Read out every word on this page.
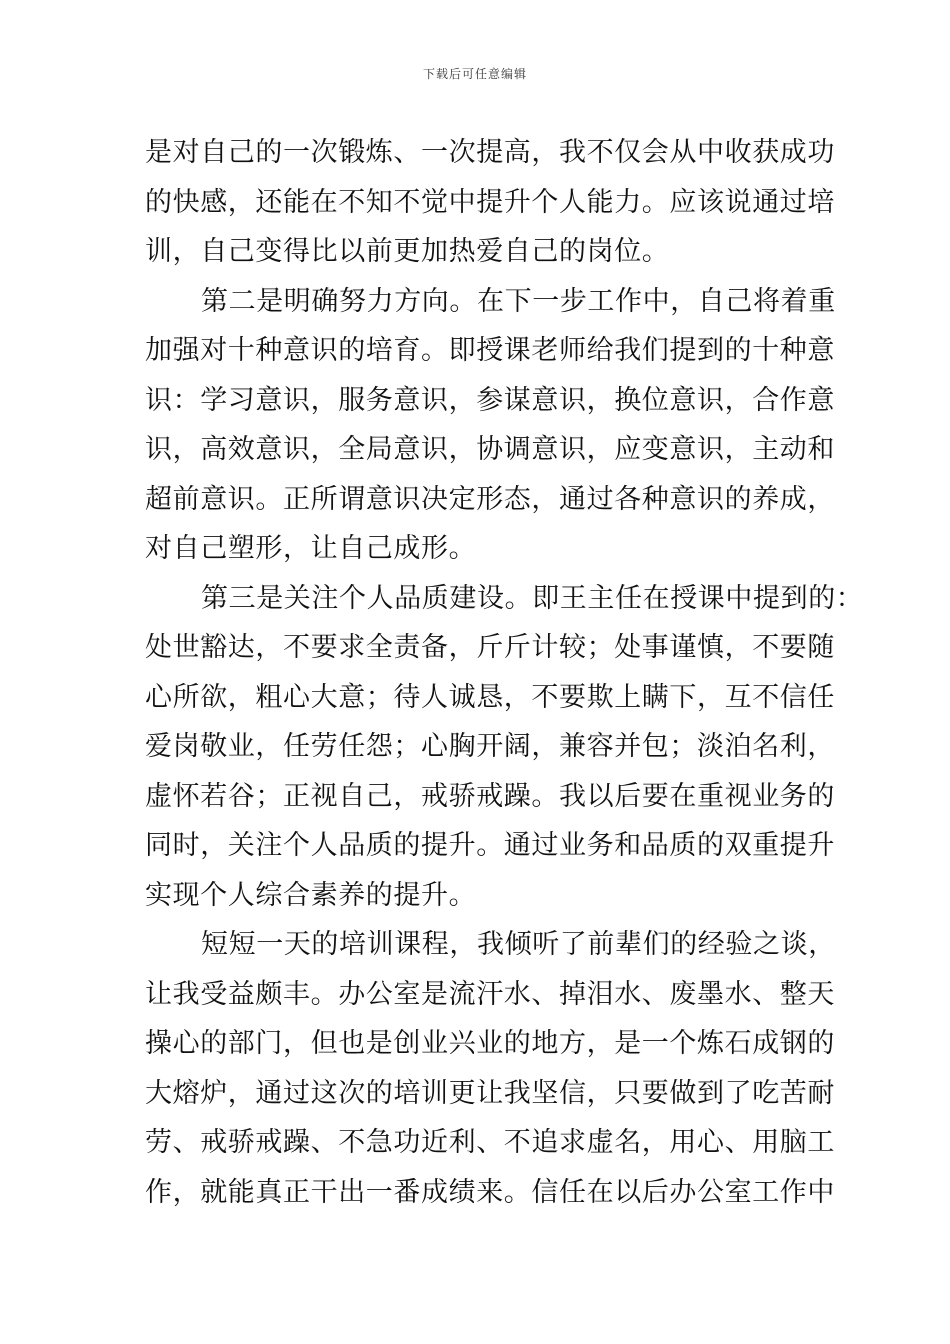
下载后可任意编辑
是对自己的一次锻炼、一次提高，我不仅会从中收获成功
的快感，还能在不知不觉中提升个人能力。应该说通过培
训，自己变得比以前更加热爱自己的岗位。
第二是明确努力方向。在下一步工作中，自己将着重
加强对十种意识的培育。即授课老师给我们提到的十种意
识：学习意识，服务意识，参谋意识，换位意识，合作意
识，高效意识，全局意识，协调意识，应变意识，主动和
超前意识。正所谓意识决定形态，通过各种意识的养成，
对自己塑形，让自己成形。
第三是关注个人品质建设。即王主任在授课中提到的：
处世豁达，不要求全责备，斤斤计较；处事谨慎，不要随
心所欲，粗心大意；待人诚恳，不要欺上瞒下，互不信任
爱岗敬业，任劳任怨；心胸开阔，兼容并包；淡泊名利，
虚怀若谷；正视自己，戒骄戒躁。我以后要在重视业务的
同时，关注个人品质的提升。通过业务和品质的双重提升
实现个人综合素养的提升。
短短一天的培训课程，我倾听了前辈们的经验之谈，
让我受益颇丰。办公室是流汗水、掉泪水、废墨水、整天
操心的部门，但也是创业兴业的地方，是一个炼石成钢的
大熔炉，通过这次的培训更让我坚信，只要做到了吃苦耐
劳、戒骄戒躁、不急功近利、不追求虚名，用心、用脑工
作，就能真正干出一番成绩来。信任在以后办公室工作中
